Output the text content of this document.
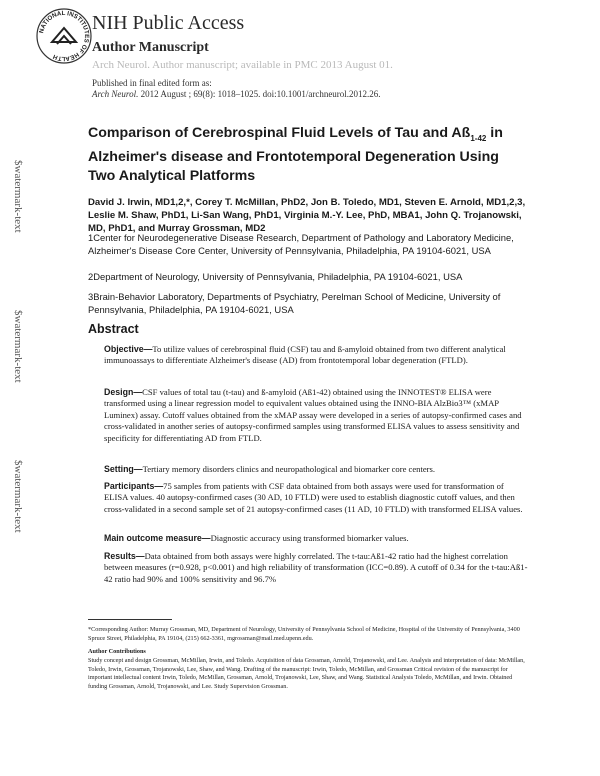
NATIONAL INSTITUTES OF HEALTH
NIH Public Access
Author Manuscript
Arch Neurol. Author manuscript; available in PMC 2013 August 01.
Published in final edited form as:
Arch Neurol. 2012 August ; 69(8): 1018–1025. doi:10.1001/archneurol.2012.26.
$watermark-text
$watermark-text
$watermark-text
Comparison of Cerebrospinal Fluid Levels of Tau and $Aß_{1-42}$ in Alzheimer's disease and Frontotemporal Degeneration Using Two Analytical Platforms
David J. Irwin, MD1,2,*, Corey T. McMillan, PhD2, Jon B. Toledo, MD1, Steven E. Arnold, MD1,2,3, Leslie M. Shaw, PhD1, Li-San Wang, PhD1, Virginia M.-Y. Lee, PhD, MBA1, John Q. Trojanowski, MD, PhD1, and Murray Grossman, MD2
1Center for Neurodegenerative Disease Research, Department of Pathology and Laboratory Medicine, Alzheimer's Disease Core Center, University of Pennsylvania, Philadelphia, PA 19104-6021, USA
2Department of Neurology, University of Pennsylvania, Philadelphia, PA 19104-6021, USA
3Brain-Behavior Laboratory, Departments of Psychiatry, Perelman School of Medicine, University of Pennsylvania, Philadelphia, PA 19104-6021, USA
Abstract
Objective—To utilize values of cerebrospinal fluid (CSF) tau and ß-amyloid obtained from two different analytical immunoassays to differentiate Alzheimer's disease (AD) from frontotemporal lobar degeneration (FTLD).
Design—CSF values of total tau (t-tau) and ß-amyloid (Aß1-42) obtained using the INNOTEST® ELISA were transformed using a linear regression model to equivalent values obtained using the INNO-BIA AlzBio3™ (xMAP Luminex) assay. Cutoff values obtained from the xMAP assay were developed in a series of autopsy-confirmed cases and cross-validated in another series of autopsy-confirmed samples using transformed ELISA values to assess sensitivity and specificity for differentiating AD from FTLD.
Setting—Tertiary memory disorders clinics and neuropathological and biomarker core centers.
Participants—75 samples from patients with CSF data obtained from both assays were used for transformation of ELISA values. 40 autopsy-confirmed cases (30 AD, 10 FTLD) were used to establish diagnostic cutoff values, and then cross-validated in a second sample set of 21 autopsy-confirmed cases (11 AD, 10 FTLD) with transformed ELISA values.
Main outcome measure—Diagnostic accuracy using transformed biomarker values.
Results—Data obtained from both assays were highly correlated. The t-tau:Aß1-42 ratio had the highest correlation between measures (r=0.928, p<0.001) and high reliability of transformation (ICC=0.89). A cutoff of 0.34 for the t-tau:Aß1-42 ratio had 90% and 100% sensitivity and 96.7%
*Corresponding Author: Murray Grossman, MD, Department of Neurology, University of Pennsylvania School of Medicine, Hospital of the University of Pennsylvania, 3400 Spruce Street, Philadelphia, PA 19104, (215) 662-3361, mgrossman@mail.med.upenn.edu.
Author Contributions
Study concept and design Grossman, McMillan, Irwin, and Toledo. Acquisition of data Grossman, Arnold, Trojanowski, and Lee. Analysis and interpretation of data: McMillan, Toledo, Irwin, Grossman, Trojanowski, Lee, Shaw, and Wang. Drafting of the manuscript: Irwin, Toledo, McMillan, and Grossman Critical revision of the manuscript for important intellectual content Irwin, Toledo, McMillan, Grossman, Arnold, Trojanowski, Lee, Shaw, and Wang. Statistical Analysis Toledo, McMillan, and Irwin. Obtained funding Grossman, Arnold, Trojanowski, and Lee. Study Supervision Grossman.
